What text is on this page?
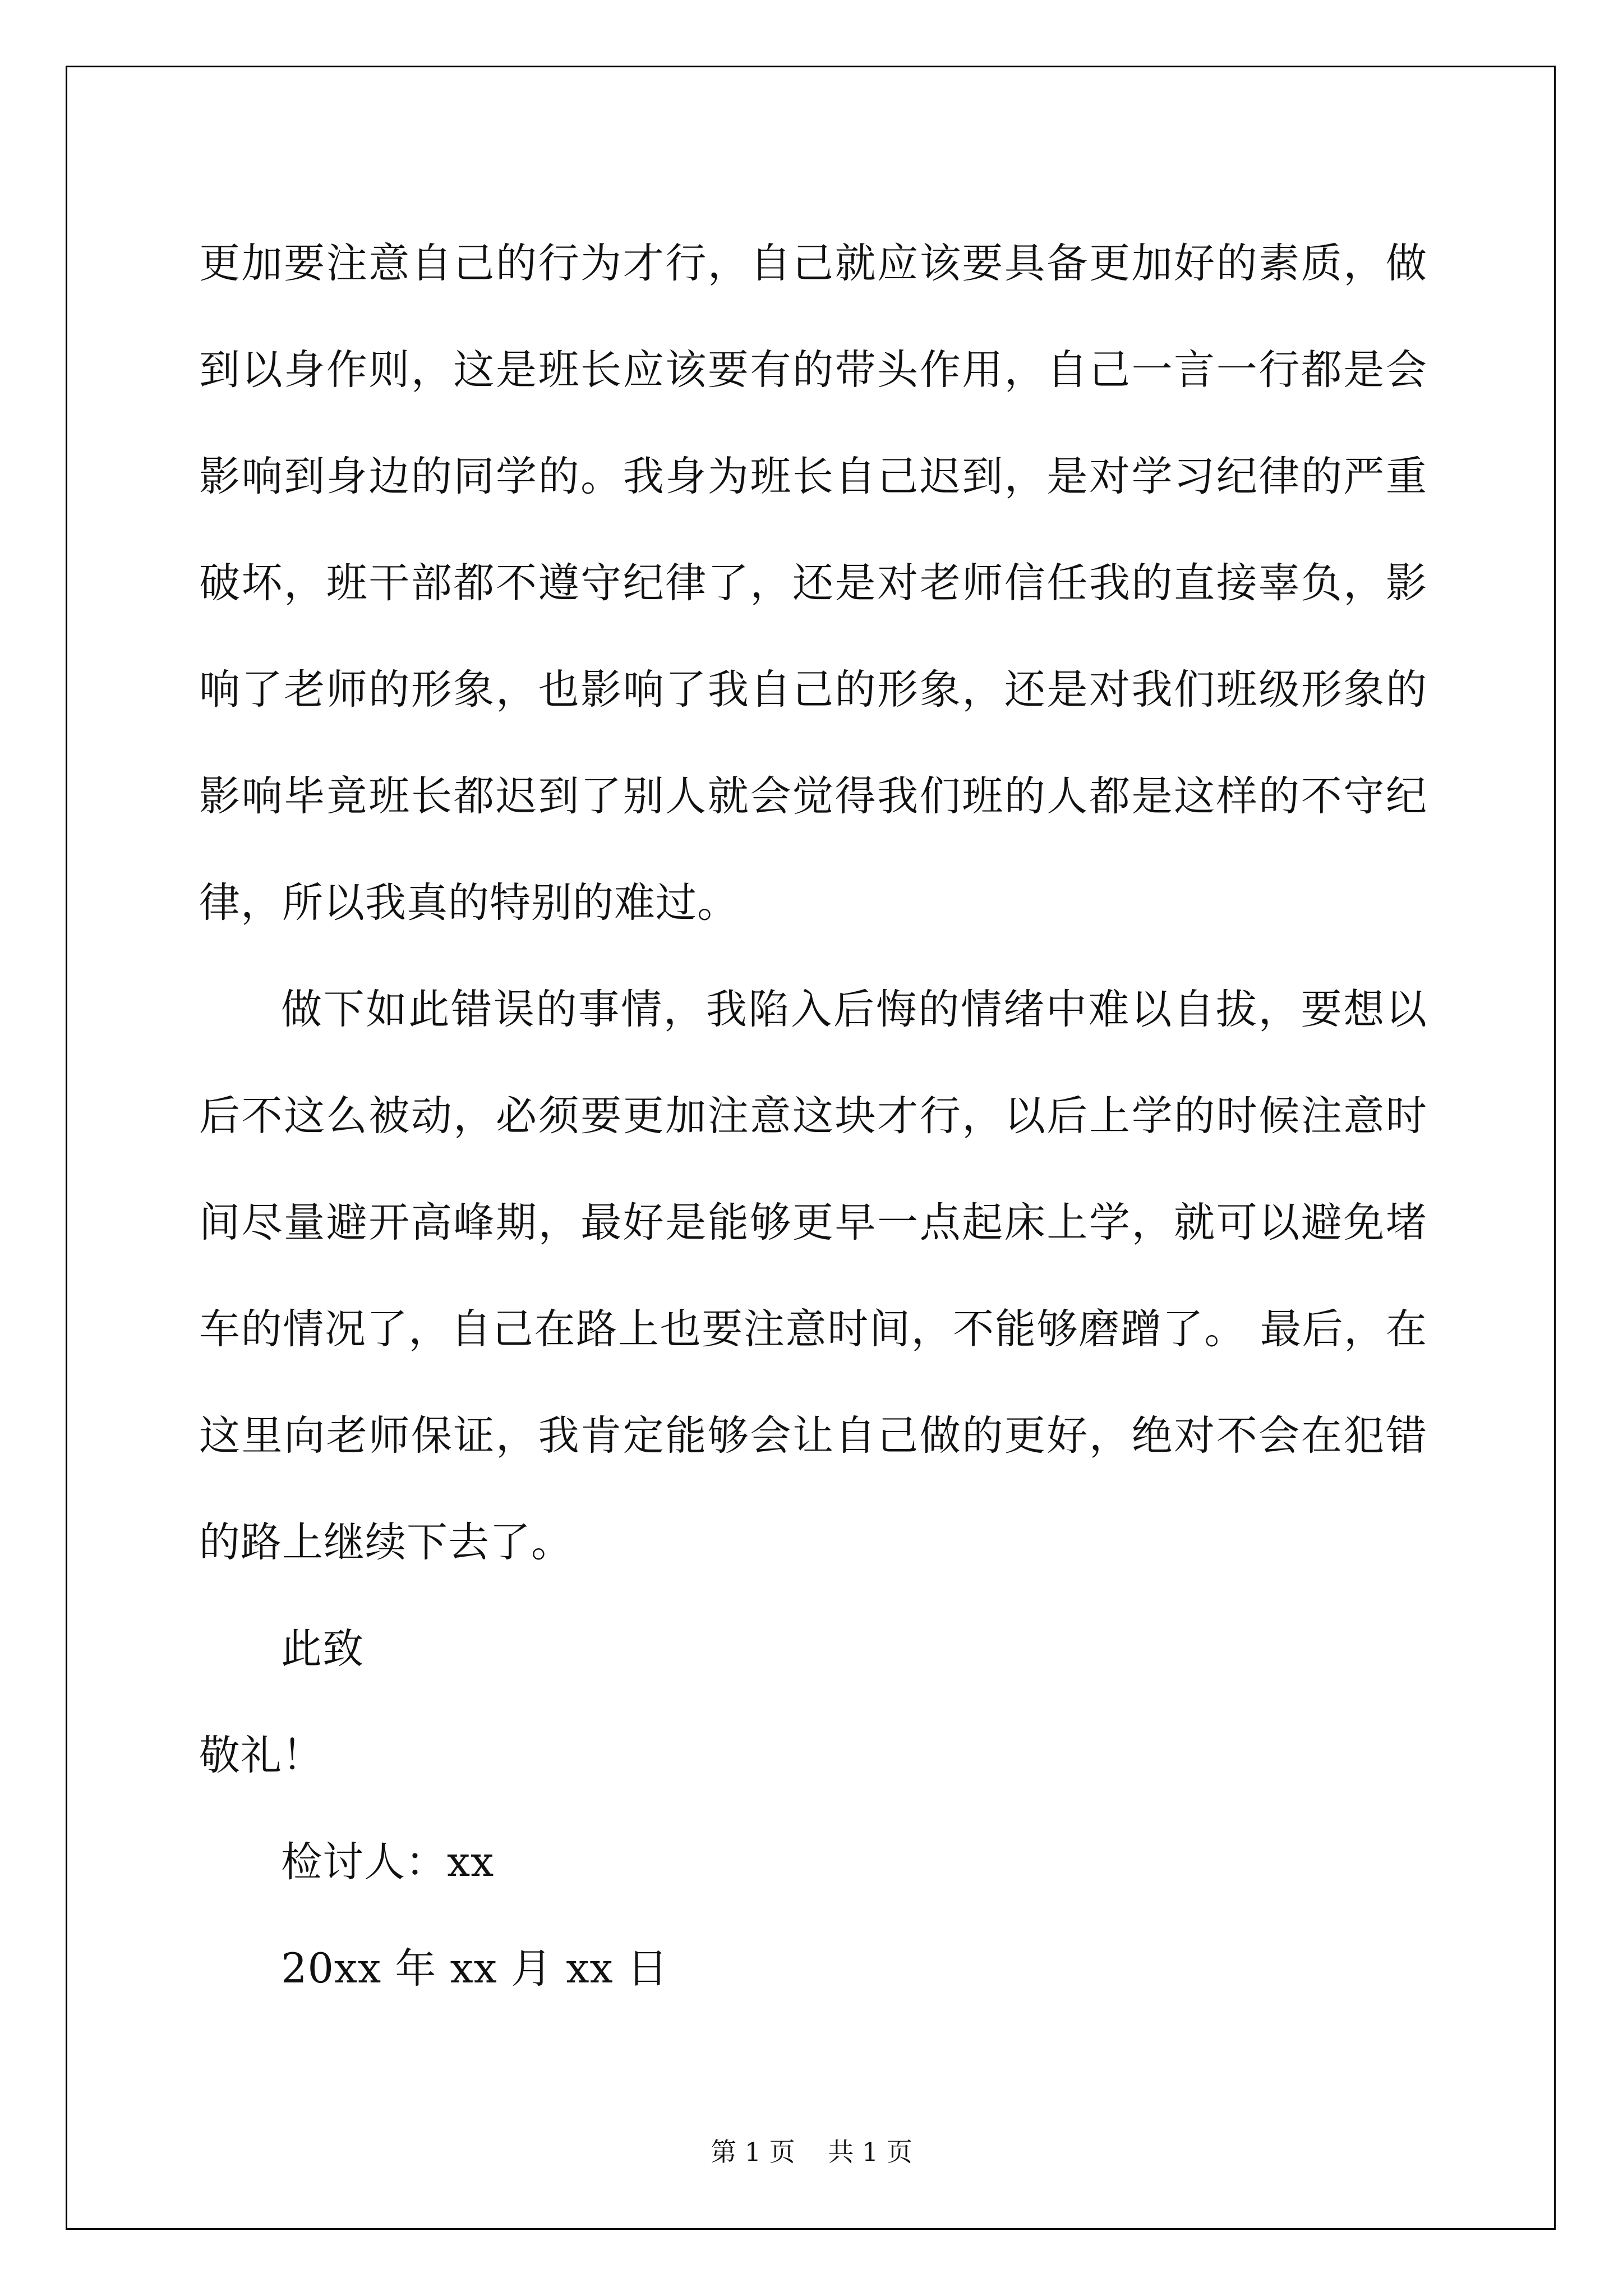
更加要注意自己的行为才行，自己就应该要具备更加好的素质，做到以身作则，这是班长应该要有的带头作用，自己一言一行都是会影响到身边的同学的。我身为班长自己迟到，是对学习纪律的严重破坏，班干部都不遵守纪律了，还是对老师信任我的直接辜负，影响了老师的形象，也影响了我自己的形象，还是对我们班级形象的影响毕竟班长都迟到了别人就会觉得我们班的人都是这样的不守纪律，所以我真的特别的难过。

做下如此错误的事情，我陷入后悔的情绪中难以自拔，要想以后不这么被动，必须要更加注意这块才行，以后上学的时候注意时间尽量避开高峰期，最好是能够更早一点起床上学，就可以避免堵车的情况了，自己在路上也要注意时间，不能够磨蹭了。 最后，在这里向老师保证，我肯定能够会让自己做的更好，绝对不会在犯错的路上继续下去了。

此致

敬礼！

检讨人：xx

20xx 年 xx 月 xx 日

第 1 页 共 1 页
